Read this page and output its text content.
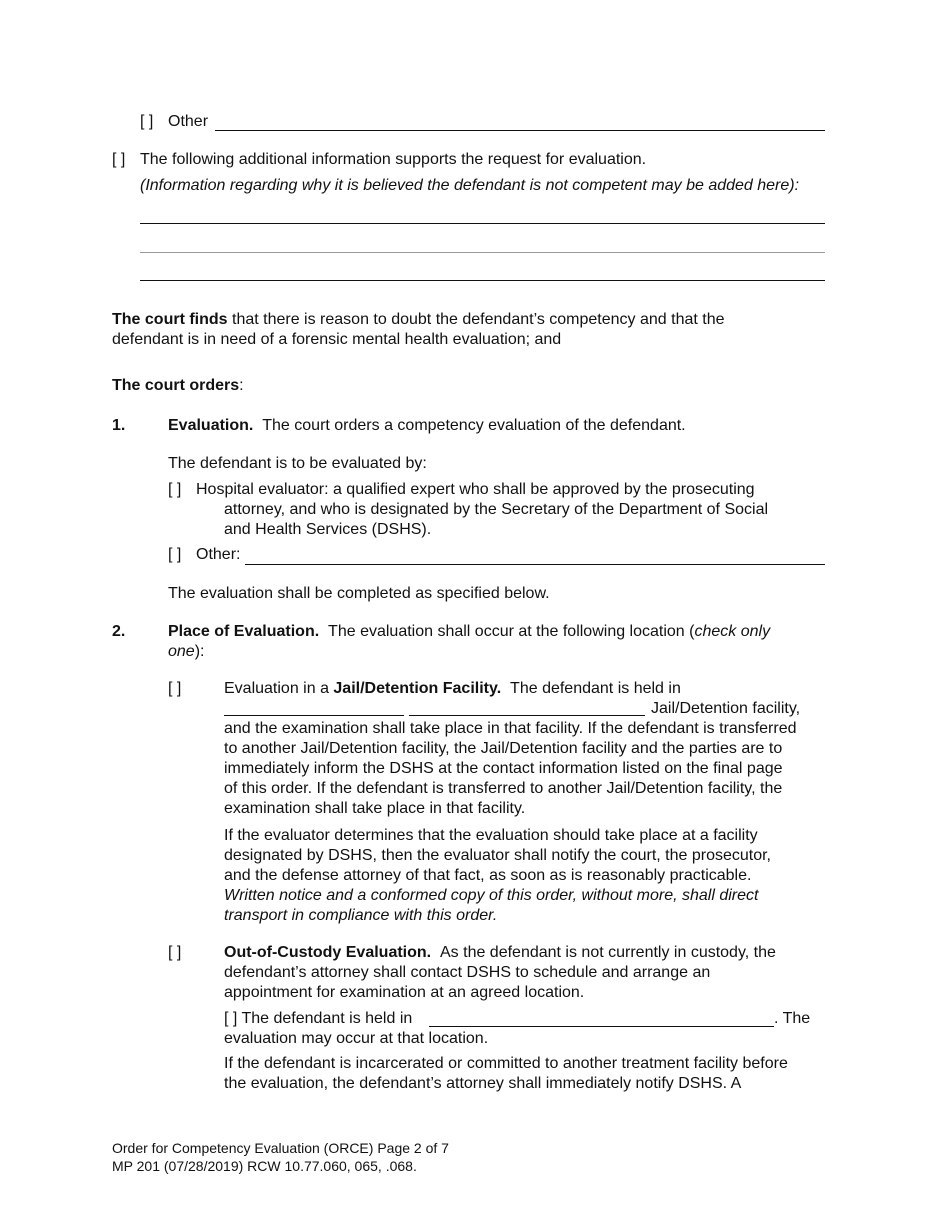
[ ] Other
[ ] The following additional information supports the request for evaluation.
(Information regarding why it is believed the defendant is not competent may be added here):
The court finds that there is reason to doubt the defendant’s competency and that the
defendant is in need of a forensic mental health evaluation; and
The court orders:
1.	Evaluation. The court orders a competency evaluation of the defendant.
The defendant is to be evaluated by:
[ ] Hospital evaluator: a qualified expert who shall be approved by the prosecuting
attorney, and who is designated by the Secretary of the Department of Social
and Health Services (DSHS).
[ ] Other:
The evaluation shall be completed as specified below.
2.	Place of Evaluation. The evaluation shall occur at the following location (check only
one):
[ ]	Evaluation in a Jail/Detention Facility. The defendant is held in
Jail/Detention facility,
and the examination shall take place in that facility. If the defendant is transferred
to another Jail/Detention facility, the Jail/Detention facility and the parties are to
immediately inform the DSHS at the contact information listed on the final page
of this order. If the defendant is transferred to another Jail/Detention facility, the
examination shall take place in that facility.
If the evaluator determines that the evaluation should take place at a facility
designated by DSHS, then the evaluator shall notify the court, the prosecutor,
and the defense attorney of that fact, as soon as is reasonably practicable.
Written notice and a conformed copy of this order, without more, shall direct
transport in compliance with this order.
[ ]	Out-of-Custody Evaluation. As the defendant is not currently in custody, the
defendant’s attorney shall contact DSHS to schedule and arrange an
appointment for examination at an agreed location.
[ ] The defendant is held in	. The
evaluation may occur at that location.
If the defendant is incarcerated or committed to another treatment facility before
the evaluation, the defendant’s attorney shall immediately notify DSHS. A
Order for Competency Evaluation (ORCE) Page 2 of 7
MP 201 (07/28/2019) RCW 10.77.060, 065, .068.
